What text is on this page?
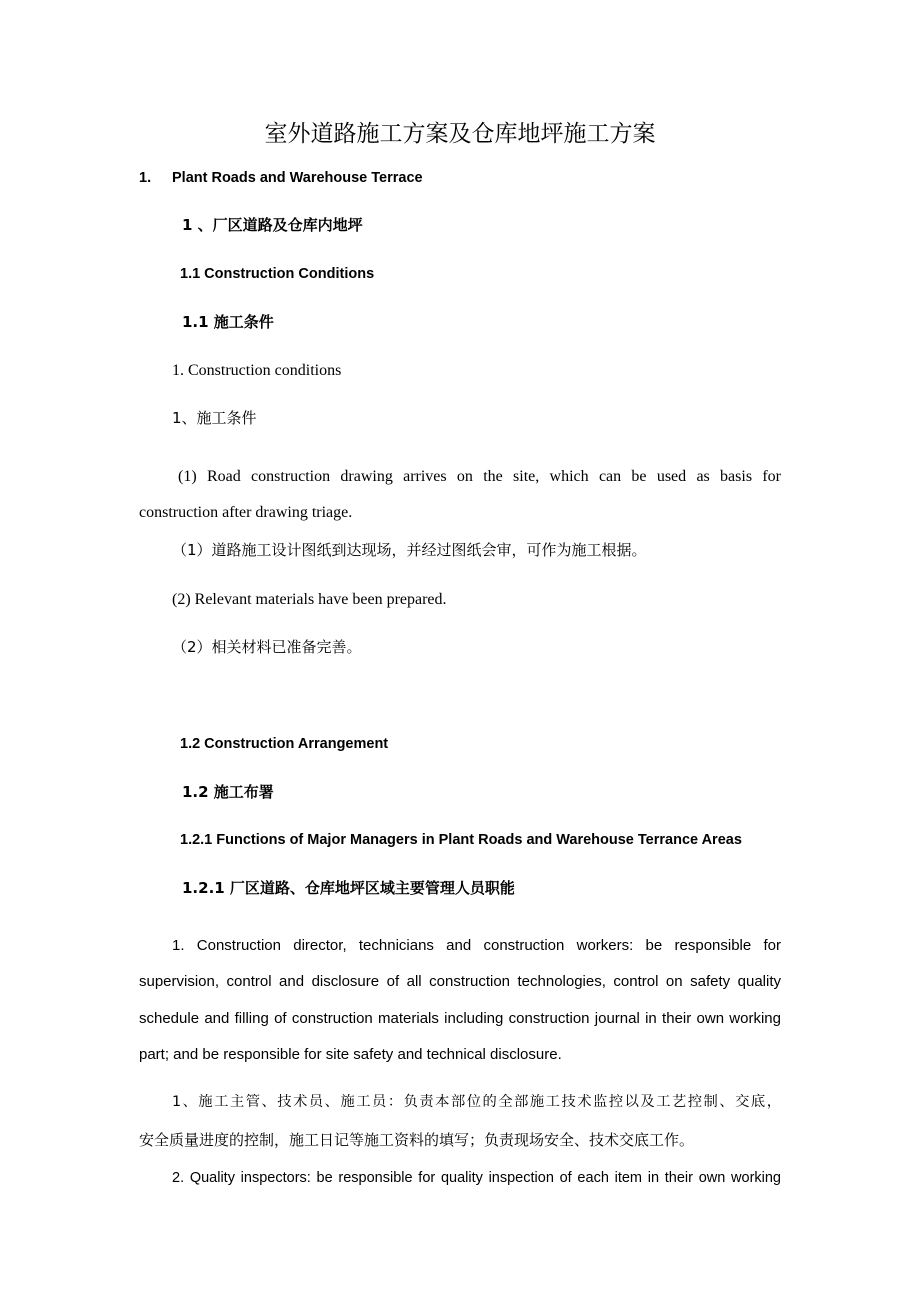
室外道路施工方案及仓库地坪施工方案
1. Plant Roads and Warehouse Terrace
1 、厂区道路及仓库内地坪
1.1 Construction Conditions
1.1 施工条件
1. Construction conditions
1、施工条件
(1) Road construction drawing arrives on the site, which can be used as basis for
construction after drawing triage.
（1）道路施工设计图纸到达现场，并经过图纸会审，可作为施工根据。
(2) Relevant materials have been prepared.
（2）相关材料已准备完善。
1.2 Construction Arrangement
1.2 施工布署
1.2.1 Functions of Major Managers in Plant Roads and Warehouse Terrance Areas
1.2.1 厂区道路、仓库地坪区域主要管理人员职能
1. Construction director, technicians and construction workers: be responsible for
supervision, control and disclosure of all construction technologies, control on safety quality
schedule and filling of construction materials including construction journal in their own working
part; and be responsible for site safety and technical disclosure.
1、施工主管、技术员、施工员：负责本部位的全部施工技术监控以及工艺控制、交底，
安全质量进度的控制，施工日记等施工资料的填写；负责现场安全、技术交底工作。
2. Quality inspectors: be responsible for quality inspection of each item in their own working
